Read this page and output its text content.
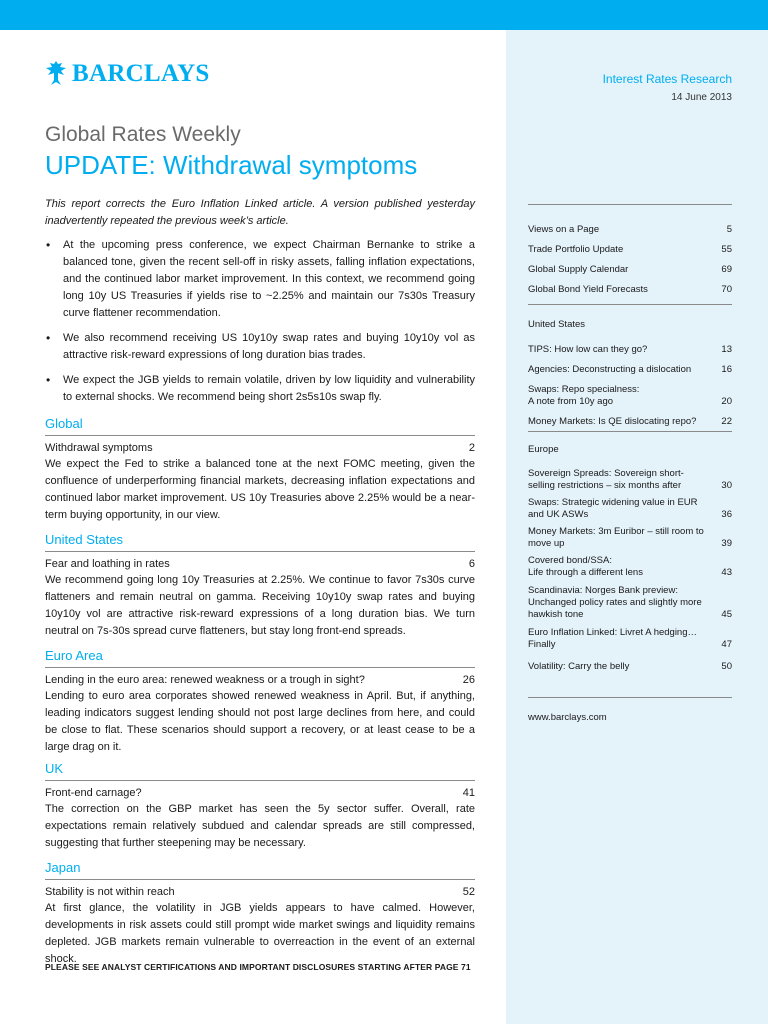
BARCLAYS	Interest Rates Research
14 June 2013
Global Rates Weekly
UPDATE: Withdrawal symptoms
This report corrects the Euro Inflation Linked article. A version published yesterday inadvertently repeated the previous week’s article.
• At the upcoming press conference, we expect Chairman Bernanke to strike a balanced tone, given the recent sell-off in risky assets, falling inflation expectations, and the continued labor market improvement. In this context, we recommend going long 10y US Treasuries if yields rise to ~2.25% and maintain our 7s30s Treasury curve flattener recommendation.
• We also recommend receiving US 10y10y swap rates and buying 10y10y vol as attractive risk-reward expressions of long duration bias trades.
• We expect the JGB yields to remain volatile, driven by low liquidity and vulnerability to external shocks. We recommend being short 2s5s10s swap fly.
Global
Withdrawal symptoms	2
We expect the Fed to strike a balanced tone at the next FOMC meeting, given the confluence of underperforming financial markets, decreasing inflation expectations and continued labor market improvement. US 10y Treasuries above 2.25% would be a near-term buying opportunity, in our view.
United States
Fear and loathing in rates	6
We recommend going long 10y Treasuries at 2.25%. We continue to favor 7s30s curve flatteners and remain neutral on gamma. Receiving 10y10y swap rates and buying 10y10y vol are attractive risk-reward expressions of a long duration bias. We turn neutral on 7s-30s spread curve flatteners, but stay long front-end spreads.
Euro Area
Lending in the euro area: renewed weakness or a trough in sight?	26
Lending to euro area corporates showed renewed weakness in April. But, if anything, leading indicators suggest lending should not post large declines from here, and could be close to flat. These scenarios should support a recovery, or at least cease to be a large drag on it.
UK
Front-end carnage?	41
The correction on the GBP market has seen the 5y sector suffer. Overall, rate expectations remain relatively subdued and calendar spreads are still compressed, suggesting that further steepening may be necessary.
Japan
Stability is not within reach	52
At first glance, the volatility in JGB yields appears to have calmed. However, developments in risk assets could still prompt wide market swings and liquidity remains depleted. JGB markets remain vulnerable to overreaction in the event of an external shock.
PLEASE SEE ANALYST CERTIFICATIONS AND IMPORTANT DISCLOSURES STARTING AFTER PAGE 71
Views on a Page	5
Trade Portfolio Update	55
Global Supply Calendar	69
Global Bond Yield Forecasts	70
United States
TIPS: How low can they go?	13
Agencies: Deconstructing a dislocation	16
Swaps: Repo specialness:
A note from 10y ago	20
Money Markets: Is QE dislocating repo?	22
Europe
Sovereign Spreads: Sovereign short-selling restrictions – six months after	30
Swaps: Strategic widening value in EUR and UK ASWs	36
Money Markets: 3m Euribor – still room to move up	39
Covered bond/SSA:
Life through a different lens	43
Scandinavia: Norges Bank preview: Unchanged policy rates and slightly more hawkish tone	45
Euro Inflation Linked: Livret A hedging… Finally	47
Volatility: Carry the belly	50
www.barclays.com
